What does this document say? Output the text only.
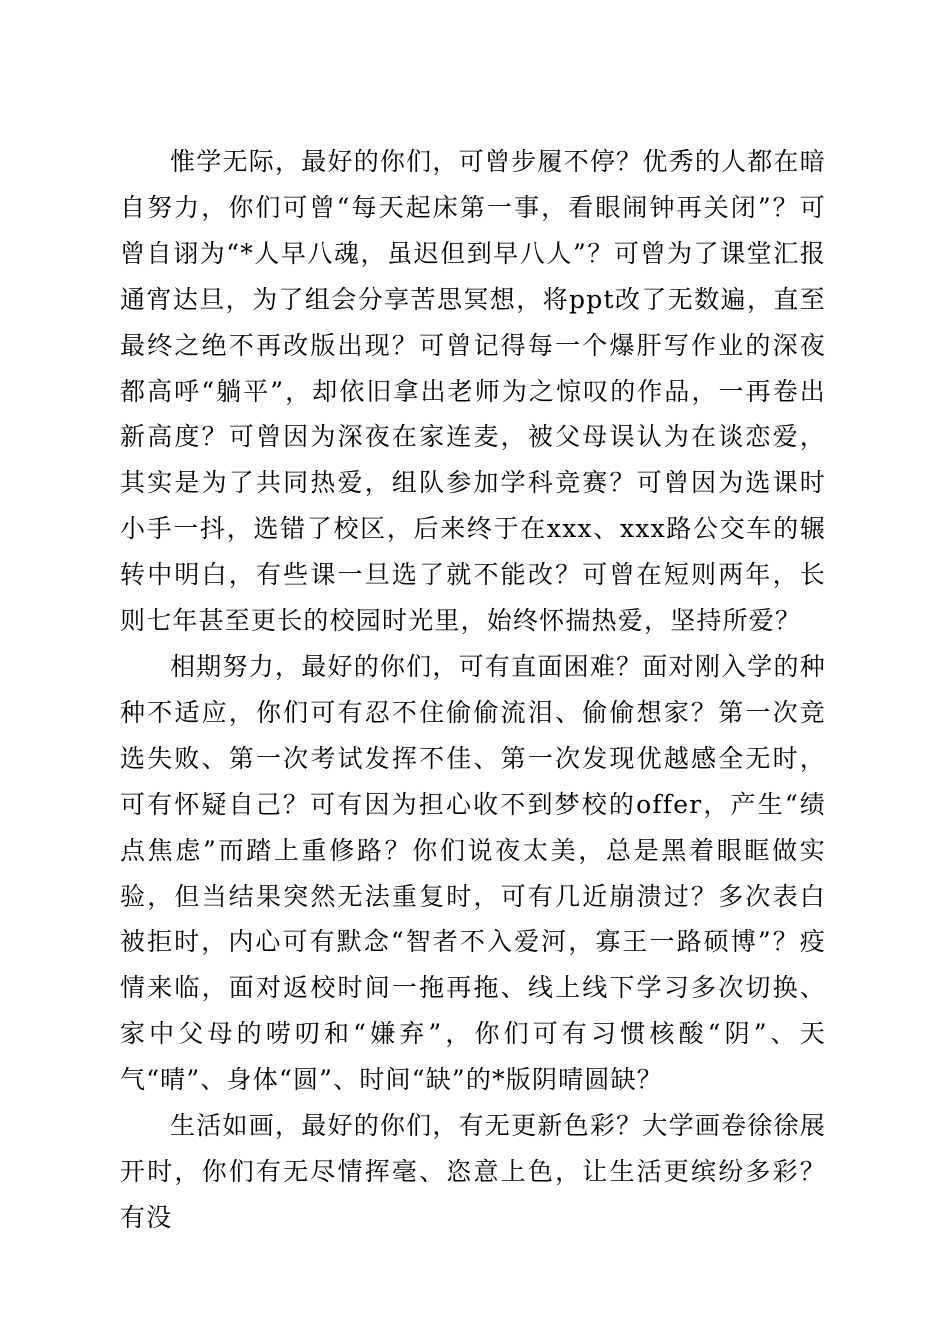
惟学无际，最好的你们，可曾步履不停？优秀的人都在暗自努力，你们可曾“每天起床第一事，看眼闹钟再关闭”？可曾自诩为“*人早八魂，虽迟但到早八人”？可曾为了课堂汇报通宵达旦，为了组会分享苦思冥想，将ppt改了无数遍，直至最终之绝不再改版出现？可曾记得每一个爆肝写作业的深夜都高呼“躺平”，却依旧拿出老师为之惊叹的作品，一再卷出新高度？可曾因为深夜在家连麦，被父母误认为在谈恋爱，其实是为了共同热爱，组队参加学科竞赛？可曾因为选课时小手一抖，选错了校区，后来终于在xxx、xxx路公交车的辗转中明白，有些课一旦选了就不能改？可曾在短则两年，长则七年甚至更长的校园时光里，始终怀揣热爱，坚持所爱？

相期努力，最好的你们，可有直面困难？面对刚入学的种种不适应，你们可有忍不住偷偷流泪、偷偷想家？第一次竞选失败、第一次考试发挥不佳、第一次发现优越感全无时，可有怀疑自己？可有因为担心收不到梦校的offer，产生“绩点焦虑”而踏上重修路？你们说夜太美，总是黑着眼眶做实验，但当结果突然无法重复时，可有几近崩溃过？多次表白被拒时，内心可有默念“智者不入爱河，寡王一路硕博”？疫情来临，面对返校时间一拖再拖、线上线下学习多次切换、家中父母的唠叨和“嫌弃”，你们可有习惯核酸“阴”、天气“晴”、身体“圆”、时间“缺”的*版阴晴圆缺？

生活如画，最好的你们，有无更新色彩？大学画卷徐徐展开时，你们有无尽情挥毫、恣意上色，让生活更缤纷多彩？有没
